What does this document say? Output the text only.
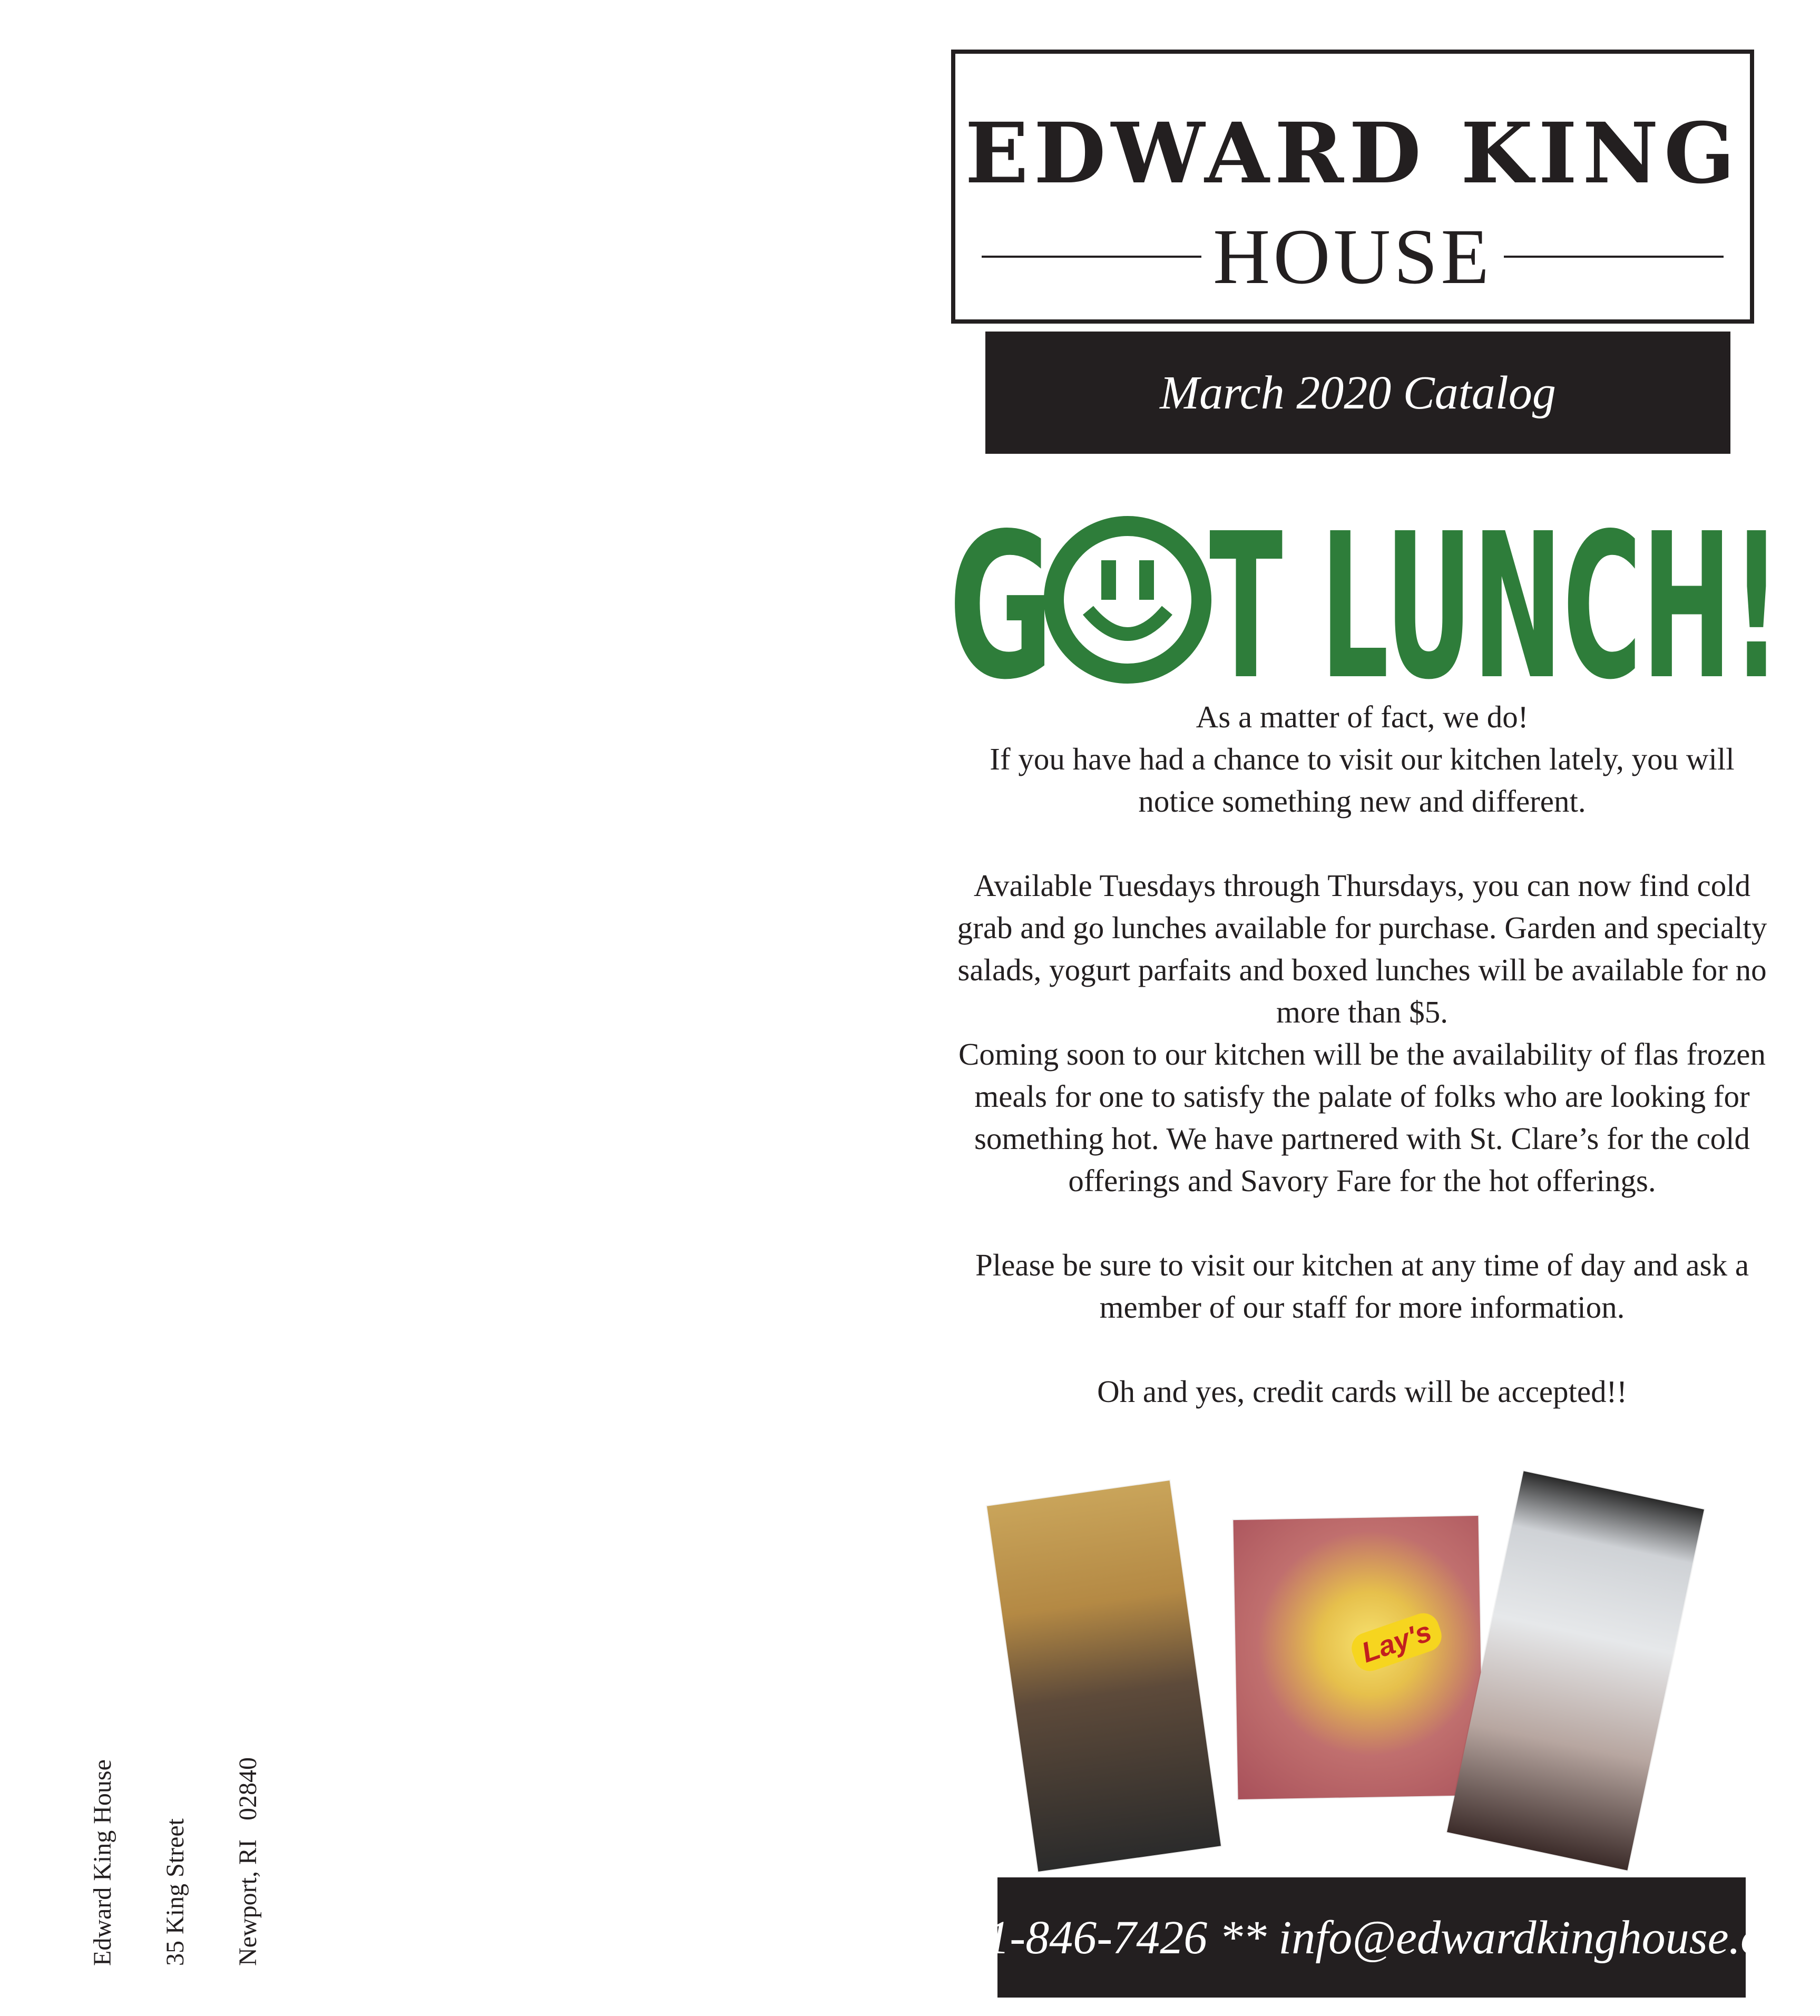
Edward King House

35 King Street

Newport, RI   02840

EDWARD KING
HOUSE
March 2020 Catalog
G T LUNCH!

As a matter of fact, we do!

If you have had a chance to visit our kitchen lately, you will notice something new and different.

Available Tuesdays through Thursdays, you can now find cold grab and go lunches available for purchase. Garden and specialty salads, yogurt parfaits and boxed lunches will be available for no more than $5.

Coming soon to our kitchen will be the availability of flas frozen meals for one to satisfy the palate of folks who are looking for something hot. We have partnered with St. Clare’s for the cold offerings and Savory Fare for the hot offerings.

Please be sure to visit our kitchen at any time of day and ask a member of our staff for more information.

Oh and yes, credit cards will be accepted!!

Lay's
401-846-7426 ** info@edwardkinghouse.org
